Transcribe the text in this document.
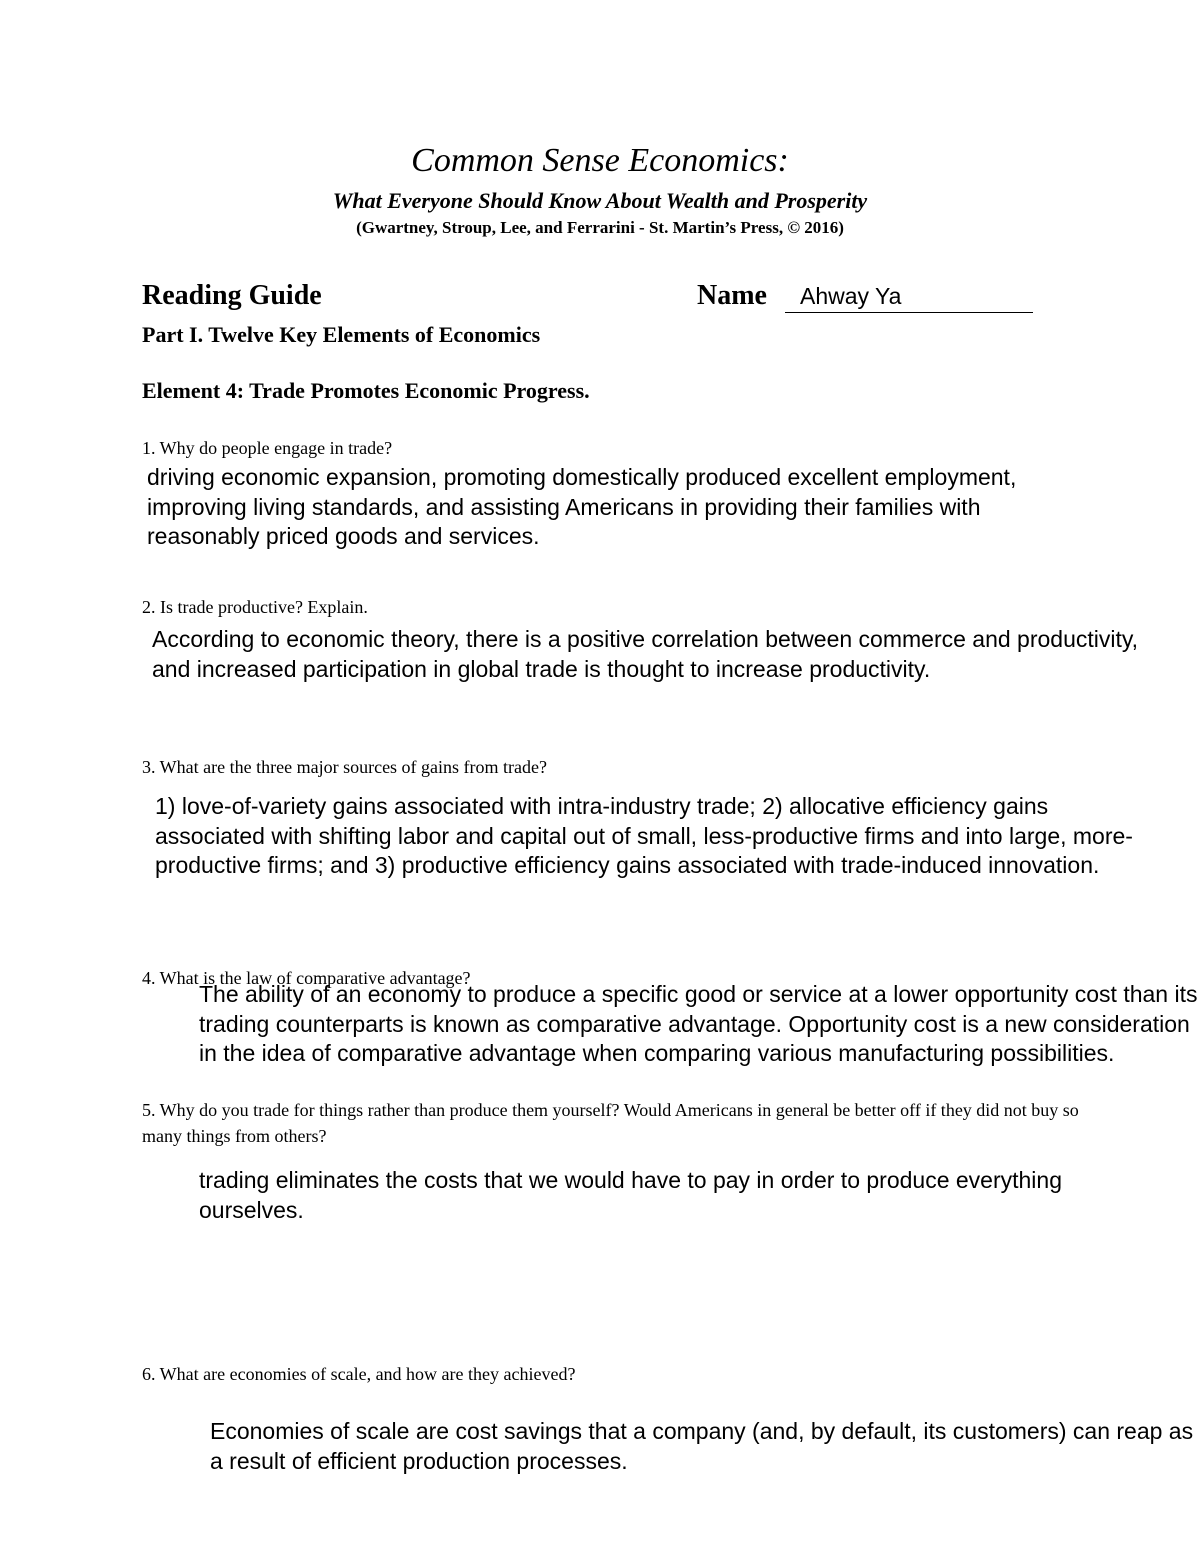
Common Sense Economics:
What Everyone Should Know About Wealth and Prosperity
(Gwartney, Stroup, Lee, and Ferrarini - St. Martin’s Press, © 2016)
Reading Guide	Name Ahway Ya
Part I. Twelve Key Elements of Economics
Element 4: Trade Promotes Economic Progress.
1. Why do people engage in trade?
driving economic expansion, promoting domestically produced excellent employment, improving living standards, and assisting Americans in providing their families with reasonably priced goods and services.
2. Is trade productive? Explain.
According to economic theory, there is a positive correlation between commerce and productivity, and increased participation in global trade is thought to increase productivity.
3. What are the three major sources of gains from trade?
1) love-of-variety gains associated with intra-industry trade; 2) allocative efficiency gains associated with shifting labor and capital out of small, less-productive firms and into large, more-productive firms; and 3) productive efficiency gains associated with trade-induced innovation.
4. What is the law of comparative advantage?
The ability of an economy to produce a specific good or service at a lower opportunity cost than its trading counterparts is known as comparative advantage. Opportunity cost is a new consideration in the idea of comparative advantage when comparing various manufacturing possibilities.
5. Why do you trade for things rather than produce them yourself? Would Americans in general be better off if they did not buy so many things from others?
trading eliminates the costs that we would have to pay in order to produce everything ourselves.
6. What are economies of scale, and how are they achieved?
Economies of scale are cost savings that a company (and, by default, its customers) can reap as a result of efficient production processes.
